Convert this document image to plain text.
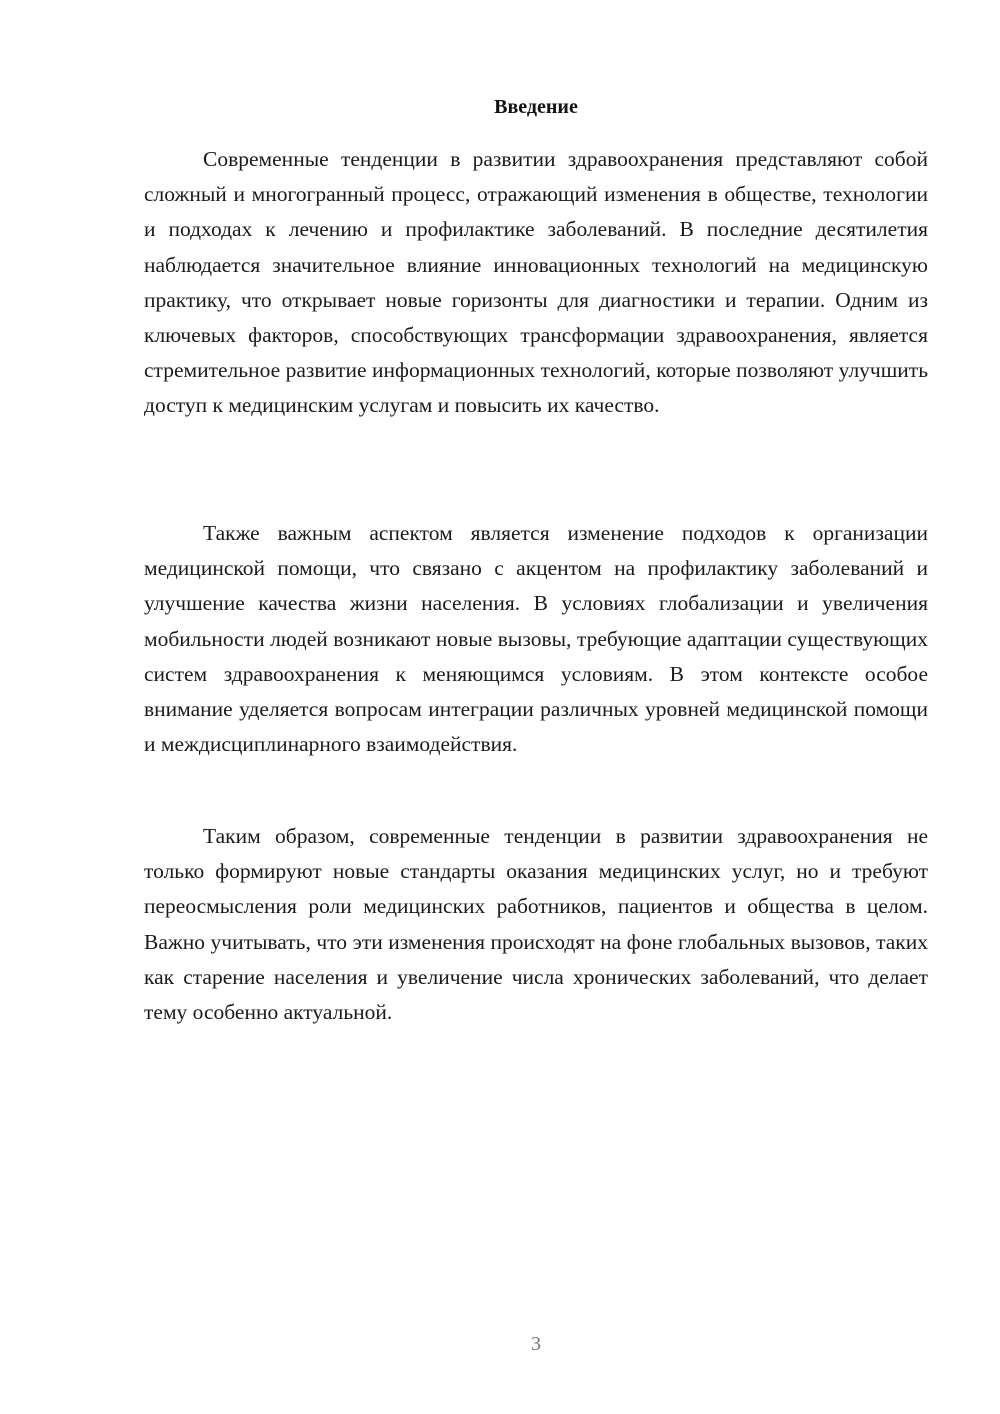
Введение

Современные тенденции в развитии здравоохранения представляют собой сложный и многогранный процесс, отражающий изменения в обществе, технологии и подходах к лечению и профилактике заболеваний. В последние десятилетия наблюдается значительное влияние инновационных технологий на медицинскую практику, что открывает новые горизонты для диагностики и терапии. Одним из ключевых факторов, способствующих трансформации здравоохранения, является стремительное развитие информационных технологий, которые позволяют улучшить доступ к медицинским услугам и повысить их качество.

Также важным аспектом является изменение подходов к организации медицинской помощи, что связано с акцентом на профилактику заболеваний и улучшение качества жизни населения. В условиях глобализации и увеличения мобильности людей возникают новые вызовы, требующие адаптации существующих систем здравоохранения к меняющимся условиям. В этом контексте особое внимание уделяется вопросам интеграции различных уровней медицинской помощи и междисциплинарного взаимодействия.

Таким образом, современные тенденции в развитии здравоохранения не только формируют новые стандарты оказания медицинских услуг, но и требуют переосмысления роли медицинских работников, пациентов и общества в целом. Важно учитывать, что эти изменения происходят на фоне глобальных вызовов, таких как старение населения и увеличение числа хронических заболеваний, что делает тему особенно актуальной.

3
